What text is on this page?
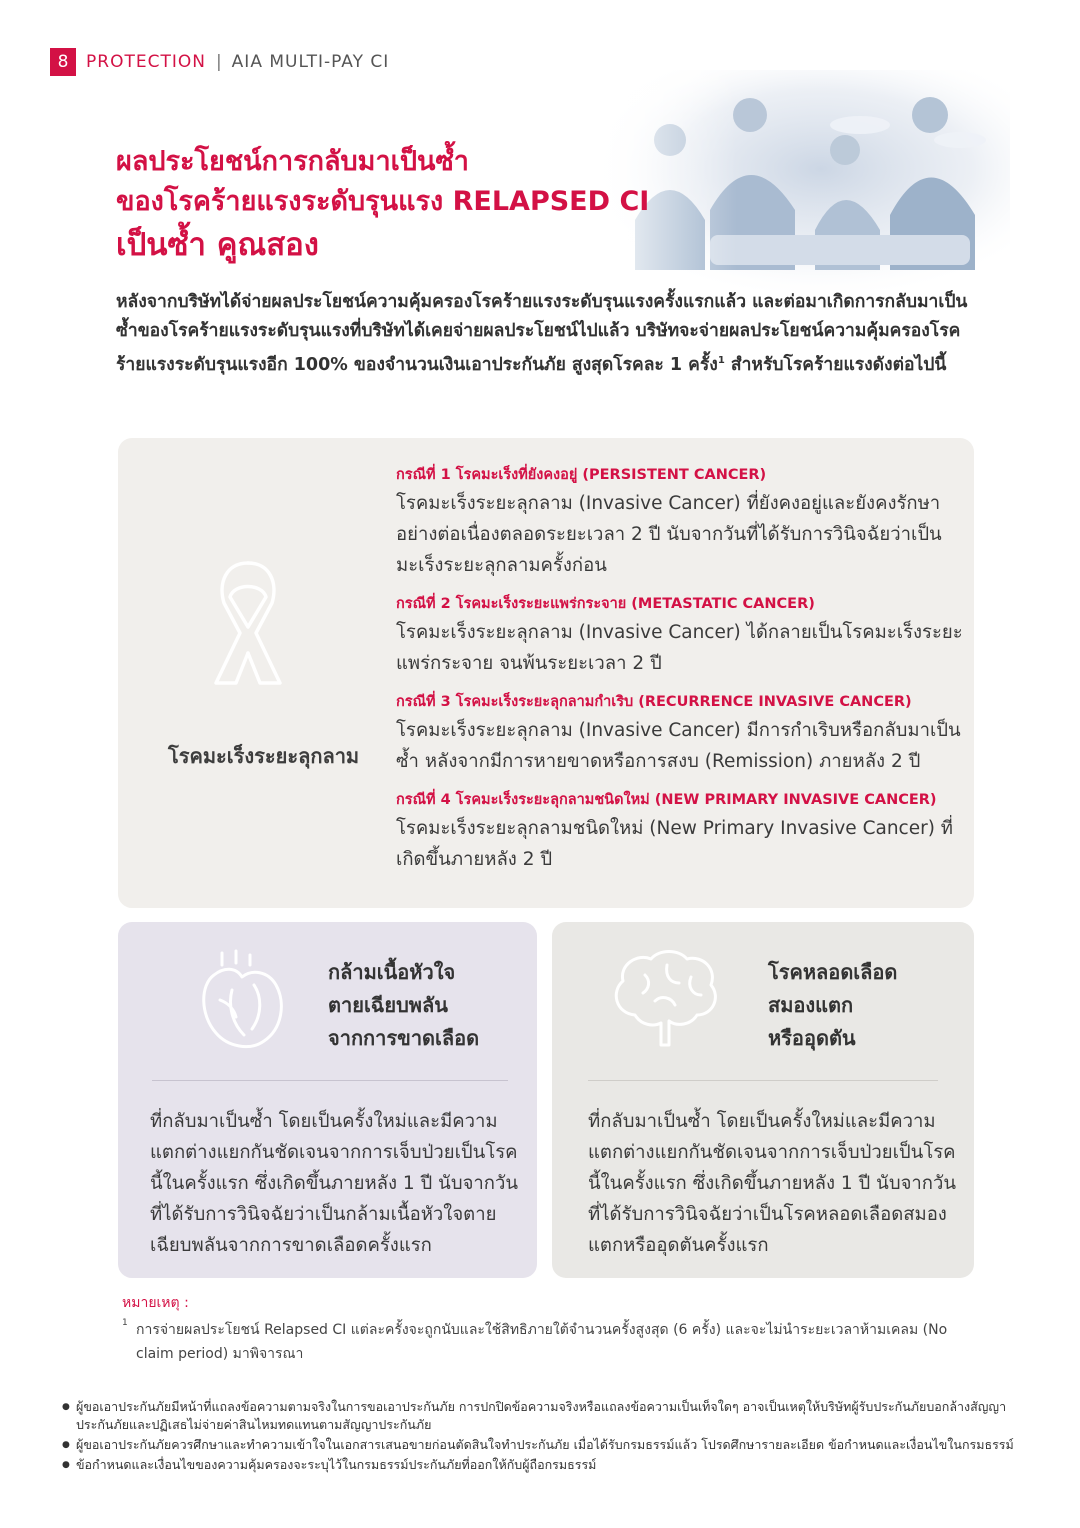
8	PROTECTION | AIA MULTI-PAY CI
ผลประโยชน์การกลับมาเป็นซ้ำ
ของโรคร้ายแรงระดับรุนแรง RELAPSED CI
เป็นซ้ำ คูณสอง
หลังจากบริษัทได้จ่ายผลประโยชน์ความคุ้มครองโรคร้ายแรงระดับรุนแรงครั้งแรกแล้ว และต่อมาเกิดการกลับมาเป็นซ้ำของโรคร้ายแรงระดับรุนแรงที่บริษัทได้เคยจ่ายผลประโยชน์ไปแล้ว บริษัทจะจ่ายผลประโยชน์ความคุ้มครองโรคร้ายแรงระดับรุนแรงอีก 100% ของจำนวนเงินเอาประกันภัย สูงสุดโรคละ 1 ครั้ง$^1$ สำหรับโรคร้ายแรงดังต่อไปนี้
โรคมะเร็งระยะลุกลาม
กรณีที่ 1 โรคมะเร็งที่ยังคงอยู่ (PERSISTENT CANCER)
โรคมะเร็งระยะลุกลาม (Invasive Cancer) ที่ยังคงอยู่และยังคงรักษาอย่างต่อเนื่องตลอดระยะเวลา 2 ปี นับจากวันที่ได้รับการวินิจฉัยว่าเป็นมะเร็งระยะลุกลามครั้งก่อน
กรณีที่ 2 โรคมะเร็งระยะแพร่กระจาย (METASTATIC CANCER)
โรคมะเร็งระยะลุกลาม (Invasive Cancer) ได้กลายเป็นโรคมะเร็งระยะแพร่กระจาย จนพ้นระยะเวลา 2 ปี
กรณีที่ 3 โรคมะเร็งระยะลุกลามกำเริบ (RECURRENCE INVASIVE CANCER)
โรคมะเร็งระยะลุกลาม (Invasive Cancer) มีการกำเริบหรือกลับมาเป็นซ้ำ หลังจากมีการหายขาดหรือการสงบ (Remission) ภายหลัง 2 ปี
กรณีที่ 4 โรคมะเร็งระยะลุกลามชนิดใหม่ (NEW PRIMARY INVASIVE CANCER)
โรคมะเร็งระยะลุกลามชนิดใหม่ (New Primary Invasive Cancer) ที่เกิดขึ้นภายหลัง 2 ปี
กล้ามเนื้อหัวใจ
ตายเฉียบพลัน
จากการขาดเลือด
ที่กลับมาเป็นซ้ำ โดยเป็นครั้งใหม่และมีความแตกต่างแยกกันชัดเจนจากการเจ็บป่วยเป็นโรคนี้ในครั้งแรก ซึ่งเกิดขึ้นภายหลัง 1 ปี นับจากวันที่ได้รับการวินิจฉัยว่าเป็นกล้ามเนื้อหัวใจตายเฉียบพลันจากการขาดเลือดครั้งแรก
โรคหลอดเลือด
สมองแตก
หรืออุดตัน
ที่กลับมาเป็นซ้ำ โดยเป็นครั้งใหม่และมีความแตกต่างแยกกันชัดเจนจากการเจ็บป่วยเป็นโรคนี้ในครั้งแรก ซึ่งเกิดขึ้นภายหลัง 1 ปี นับจากวันที่ได้รับการวินิจฉัยว่าเป็นโรคหลอดเลือดสมองแตกหรืออุดตันครั้งแรก
หมายเหตุ :
1 การจ่ายผลประโยชน์ Relapsed CI แต่ละครั้งจะถูกนับและใช้สิทธิภายใต้จำนวนครั้งสูงสุด (6 ครั้ง) และจะไม่นำระยะเวลาห้ามเคลม (No claim period) มาพิจารณา
● ผู้ขอเอาประกันภัยมีหน้าที่แถลงข้อความตามจริงในการขอเอาประกันภัย การปกปิดข้อความจริงหรือแถลงข้อความเป็นเท็จใดๆ อาจเป็นเหตุให้บริษัทผู้รับประกันภัยบอกล้างสัญญาประกันภัยและปฏิเสธไม่จ่ายค่าสินไหมทดแทนตามสัญญาประกันภัย
● ผู้ขอเอาประกันภัยควรศึกษาและทำความเข้าใจในเอกสารเสนอขายก่อนตัดสินใจทำประกันภัย เมื่อได้รับกรมธรรม์แล้ว โปรดศึกษารายละเอียด ข้อกำหนดและเงื่อนไขในกรมธรรม์
● ข้อกำหนดและเงื่อนไขของความคุ้มครองจะระบุไว้ในกรมธรรม์ประกันภัยที่ออกให้กับผู้ถือกรมธรรม์
